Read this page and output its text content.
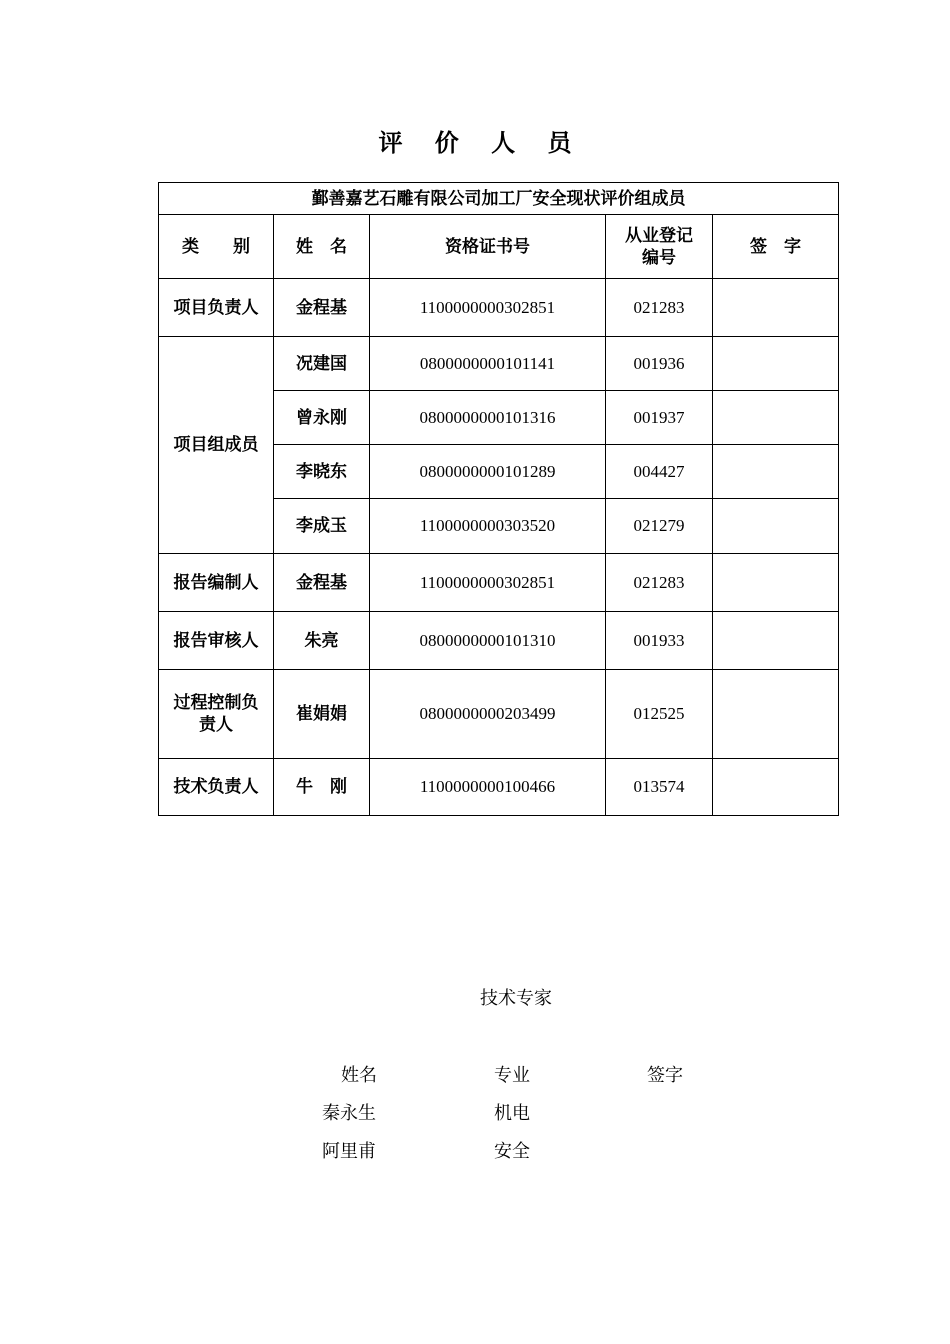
评 价 人 员
鄞善嘉艺石雕有限公司加工厂安全现状评价组成员				
类　　别	姓　名	资格证书号	从业登记编号	签　字
项目负责人	金程基	1100000000302851	021283	
项目组成员	况建国	0800000000101141	001936	
	曾永刚	0800000000101316	001937	
	李晓东	0800000000101289	004427	
	李成玉	1100000000303520	021279	
报告编制人	金程基	1100000000302851	021283	
报告审核人	朱亮	0800000000101310	001933	
过程控制负责人	崔娟娟	0800000000203499	012525	
技术负责人	牛　刚	1100000000100466	013574	
技术专家
姓名	专业	签字
秦永生	机电
阿里甫	安全
